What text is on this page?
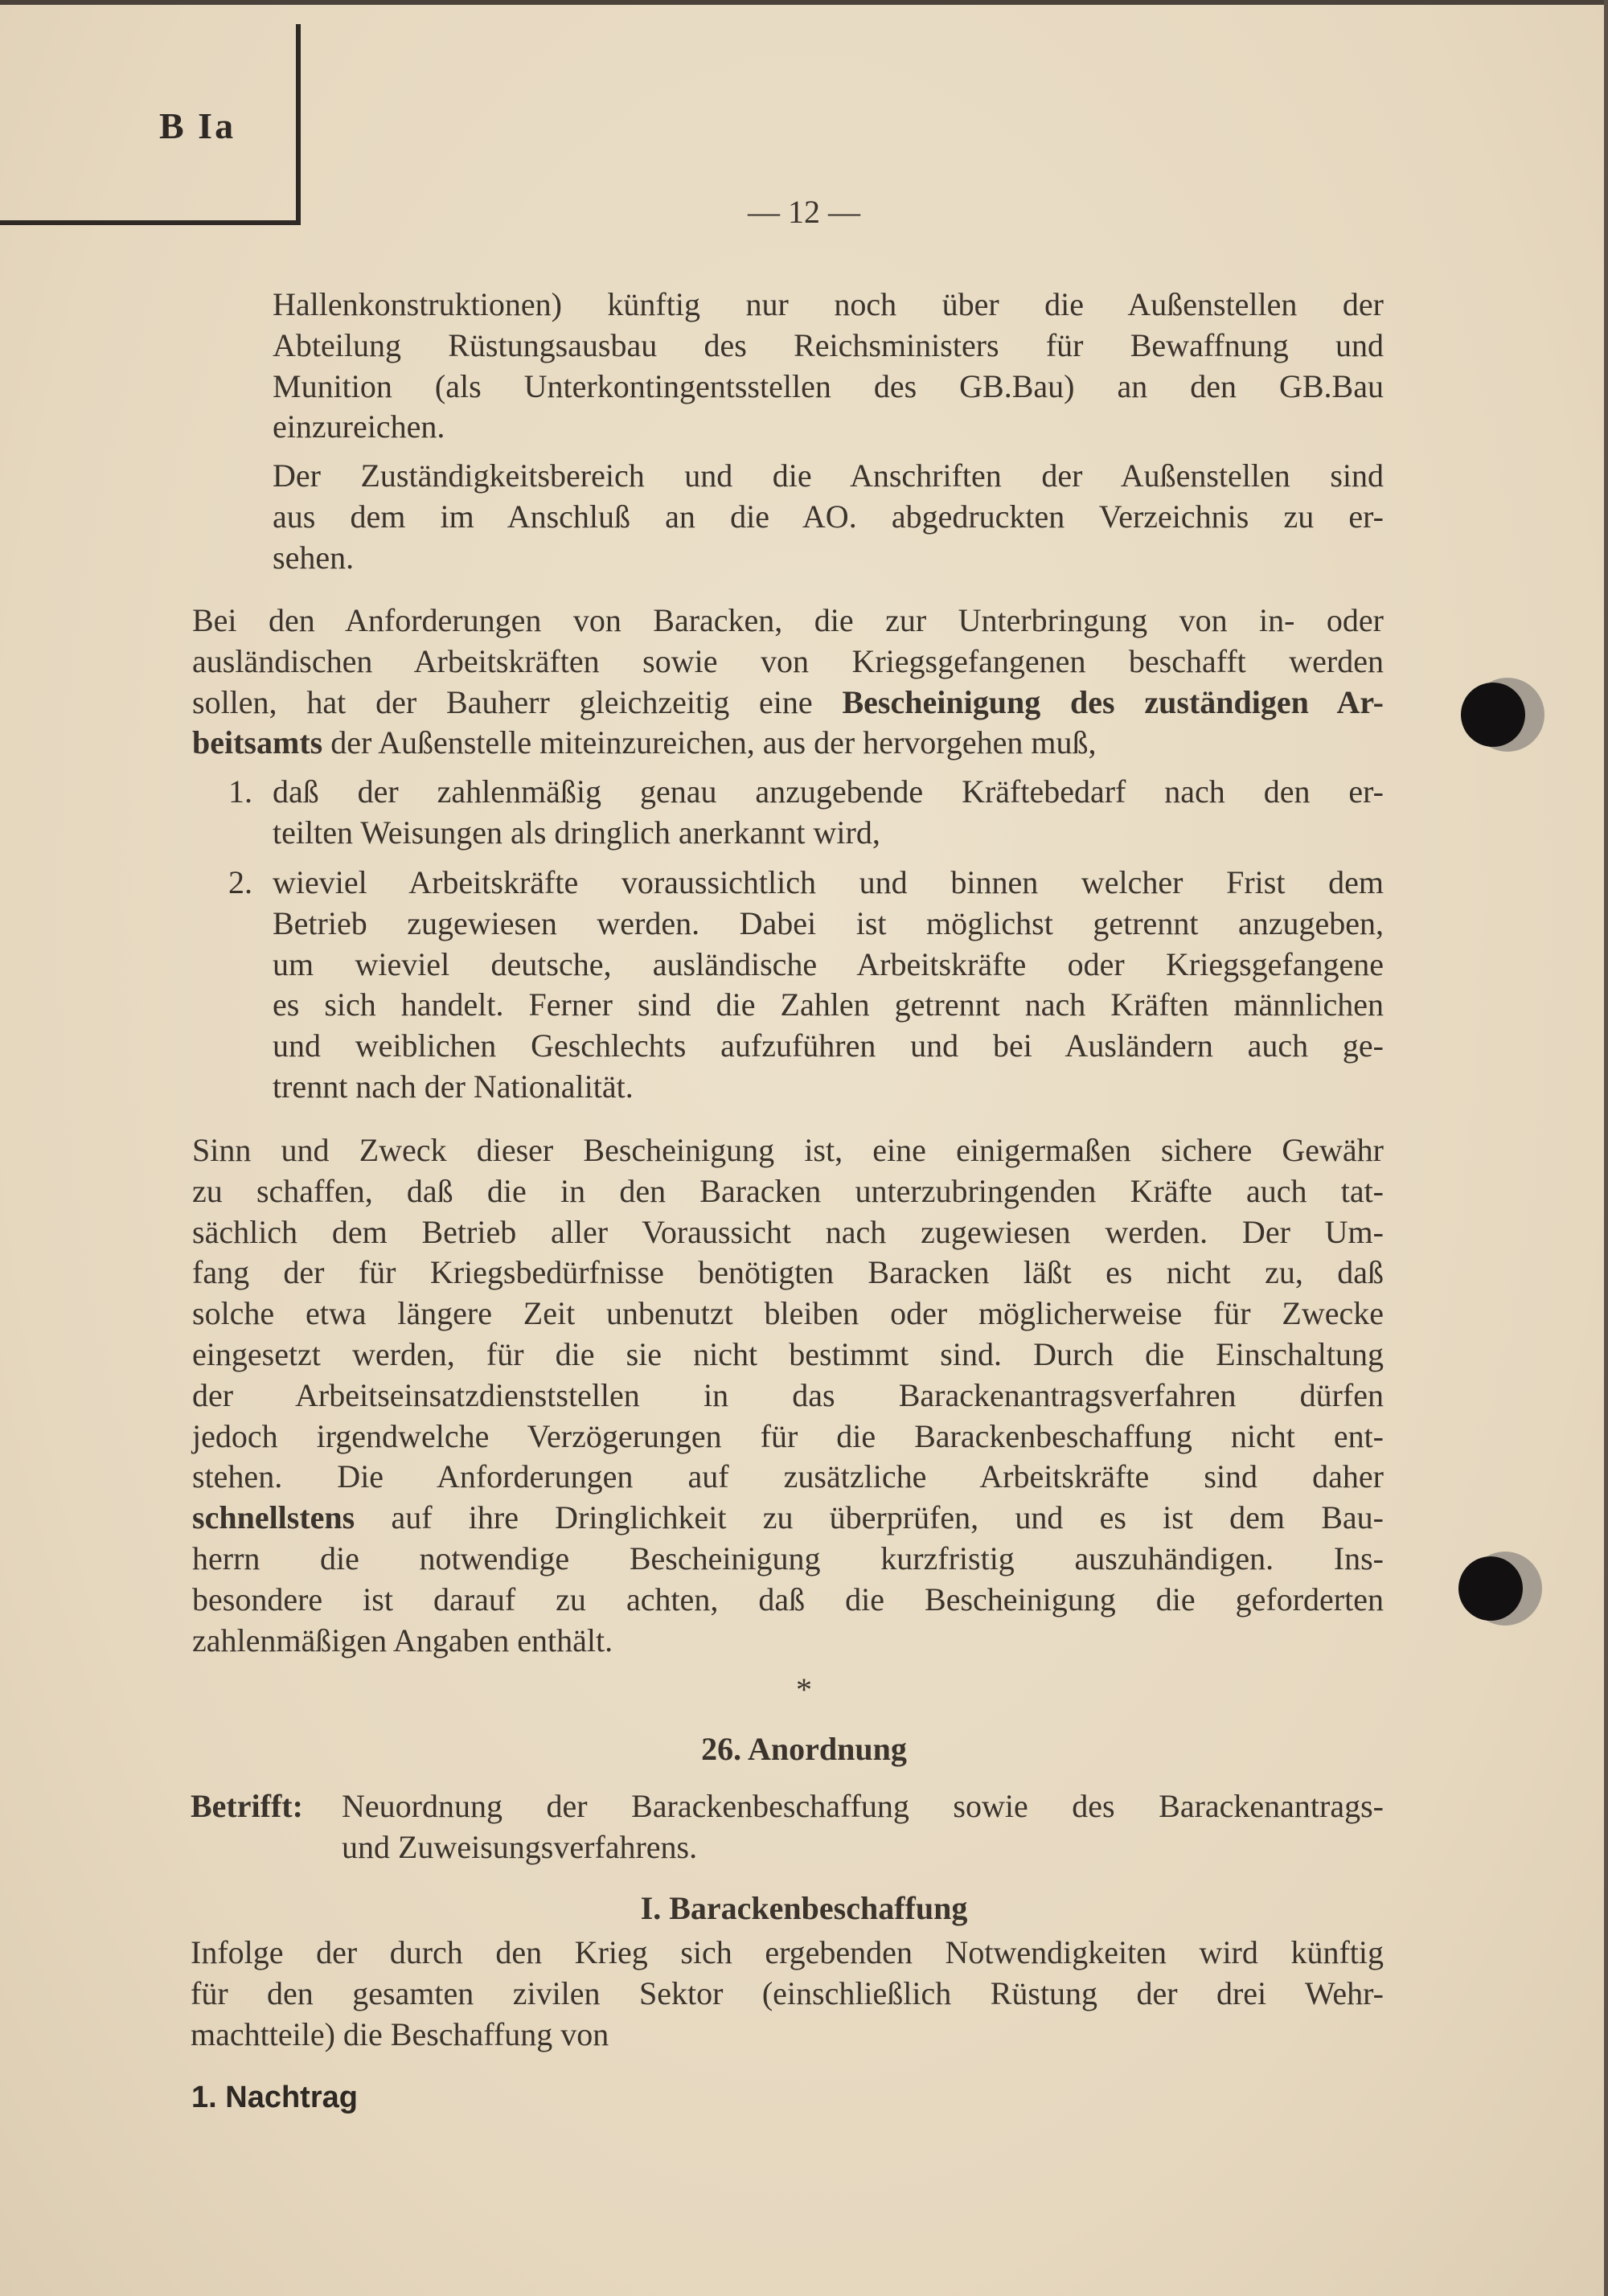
B Ia
— 12 —
Hallenkonstruktionen) künftig nur noch über die Außenstellen der
Abteilung Rüstungsausbau des Reichsministers für Bewaffnung und
Munition (als Unterkontingentsstellen des GB.Bau) an den GB.Bau
einzureichen.
Der Zuständigkeitsbereich und die Anschriften der Außenstellen sind
aus dem im Anschluß an die AO. abgedruckten Verzeichnis zu er-
sehen.
Bei den Anforderungen von Baracken, die zur Unterbringung von in- oder
ausländischen Arbeitskräften sowie von Kriegsgefangenen beschafft werden
sollen, hat der Bauherr gleichzeitig eine Bescheinigung des zuständigen Ar-
beitsamts der Außenstelle miteinzureichen, aus der hervorgehen muß,
1. daß der zahlenmäßig genau anzugebende Kräftebedarf nach den er-
teilten Weisungen als dringlich anerkannt wird,
2. wieviel Arbeitskräfte voraussichtlich und binnen welcher Frist dem
Betrieb zugewiesen werden. Dabei ist möglichst getrennt anzugeben,
um wieviel deutsche, ausländische Arbeitskräfte oder Kriegsgefangene
es sich handelt. Ferner sind die Zahlen getrennt nach Kräften männlichen
und weiblichen Geschlechts aufzuführen und bei Ausländern auch ge-
trennt nach der Nationalität.
Sinn und Zweck dieser Bescheinigung ist, eine einigermaßen sichere Gewähr
zu schaffen, daß die in den Baracken unterzubringenden Kräfte auch tat-
sächlich dem Betrieb aller Voraussicht nach zugewiesen werden. Der Um-
fang der für Kriegsbedürfnisse benötigten Baracken läßt es nicht zu, daß
solche etwa längere Zeit unbenutzt bleiben oder möglicherweise für Zwecke
eingesetzt werden, für die sie nicht bestimmt sind. Durch die Einschaltung
der Arbeitseinsatzdienststellen in das Barackenantragsverfahren dürfen
jedoch irgendwelche Verzögerungen für die Barackenbeschaffung nicht ent-
stehen. Die Anforderungen auf zusätzliche Arbeitskräfte sind daher
schnellstens auf ihre Dringlichkeit zu überprüfen, und es ist dem Bau-
herrn die notwendige Bescheinigung kurzfristig auszuhändigen. Ins-
besondere ist darauf zu achten, daß die Bescheinigung die geforderten
zahlenmäßigen Angaben enthält.
*
26. Anordnung
Betrifft: Neuordnung der Barackenbeschaffung sowie des Barackenantrags-
und Zuweisungsverfahrens.
I. Barackenbeschaffung
Infolge der durch den Krieg sich ergebenden Notwendigkeiten wird künftig
für den gesamten zivilen Sektor (einschließlich Rüstung der drei Wehr-
machtteile) die Beschaffung von
1. Nachtrag
